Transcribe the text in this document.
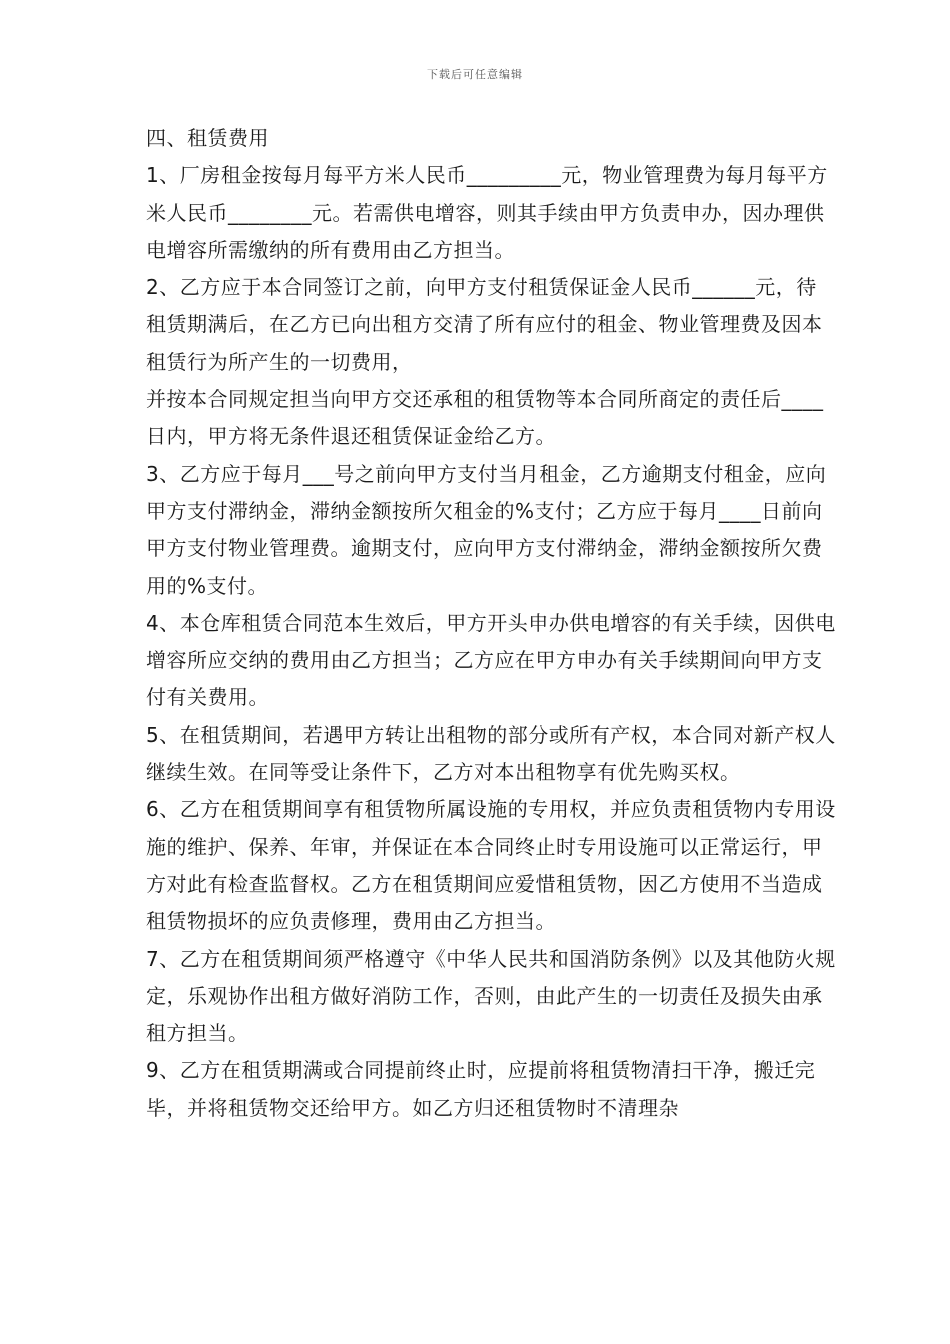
下载后可任意编辑

四、租赁费用

1、厂房租金按每月每平方米人民币_________元，物业管理费为每月每平方米人民币________元。若需供电增容，则其手续由甲方负责申办，因办理供电增容所需缴纳的所有费用由乙方担当。

2、乙方应于本合同签订之前，向甲方支付租赁保证金人民币______元，待租赁期满后，在乙方已向出租方交清了所有应付的租金、物业管理费及因本租赁行为所产生的一切费用，

并按本合同规定担当向甲方交还承租的租赁物等本合同所商定的责任后____日内，甲方将无条件退还租赁保证金给乙方。

3、乙方应于每月___号之前向甲方支付当月租金，乙方逾期支付租金，应向甲方支付滞纳金，滞纳金额按所欠租金的%支付；乙方应于每月____日前向甲方支付物业管理费。逾期支付，应向甲方支付滞纳金，滞纳金额按所欠费用的%支付。

4、本仓库租赁合同范本生效后，甲方开头申办供电增容的有关手续，因供电增容所应交纳的费用由乙方担当；乙方应在甲方申办有关手续期间向甲方支付有关费用。

5、在租赁期间，若遇甲方转让出租物的部分或所有产权，本合同对新产权人继续生效。在同等受让条件下，乙方对本出租物享有优先购买权。

6、乙方在租赁期间享有租赁物所属设施的专用权，并应负责租赁物内专用设施的维护、保养、年审，并保证在本合同终止时专用设施可以正常运行，甲方对此有检查监督权。乙方在租赁期间应爱惜租赁物，因乙方使用不当造成租赁物损坏的应负责修理，费用由乙方担当。

7、乙方在租赁期间须严格遵守《中华人民共和国消防条例》以及其他防火规定，乐观协作出租方做好消防工作，否则，由此产生的一切责任及损失由承租方担当。

9、乙方在租赁期满或合同提前终止时，应提前将租赁物清扫干净，搬迁完毕，并将租赁物交还给甲方。如乙方归还租赁物时不清理杂
